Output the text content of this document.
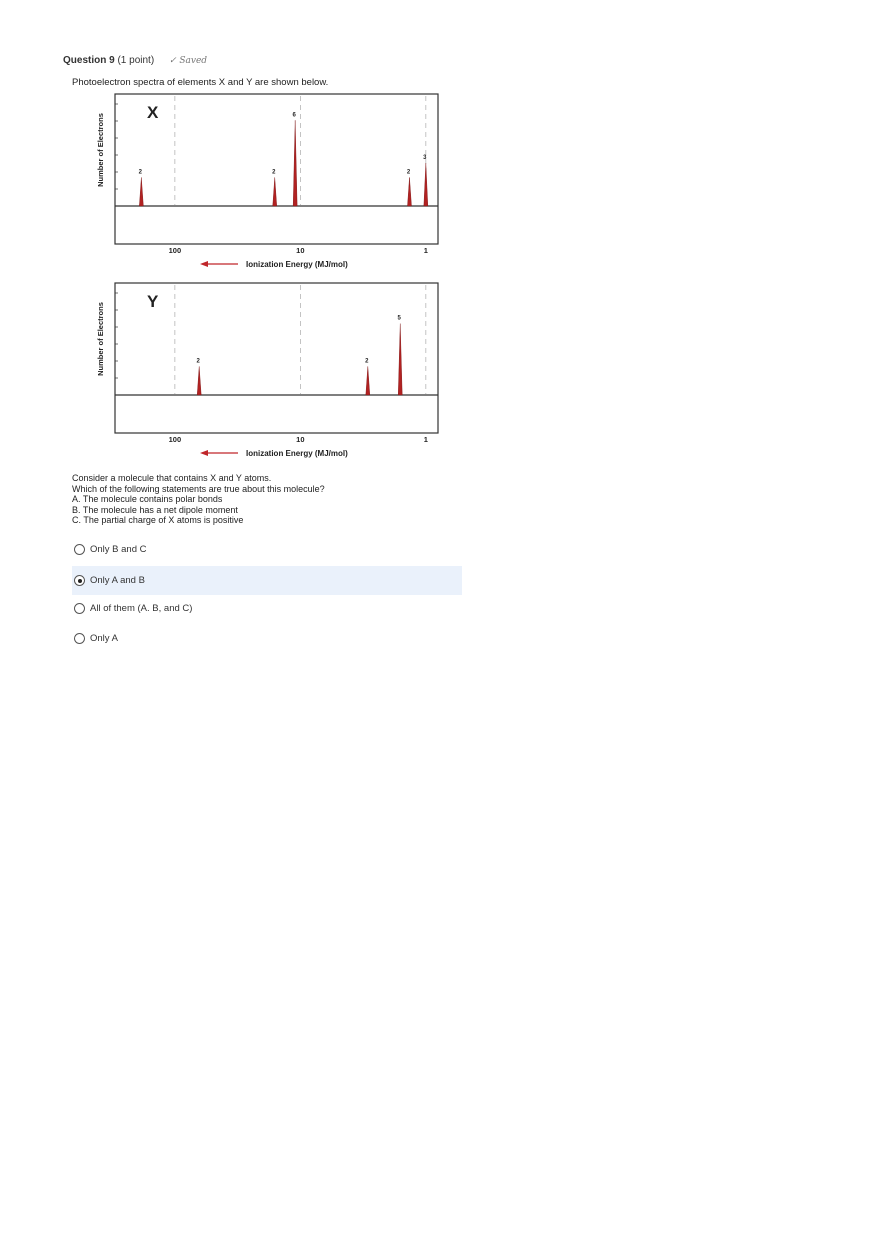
Question 9 (1 point) ✓ Saved
Photoelectron spectra of elements X and Y are shown below.
100	10	1
2	2
6
2
3
X
Number of Electrons
Ionization Energy (MJ/mol)
100	10	1
2	2
5
Y
Number of Electrons
Ionization Energy (MJ/mol)
Consider a molecule that contains X and Y atoms.
Which of the following statements are true about this molecule?
A. The molecule contains polar bonds
B. The molecule has a net dipole moment
C. The partial charge of X atoms is positive
Only B and C
Only A and B
All of them (A. B, and C)
Only A
